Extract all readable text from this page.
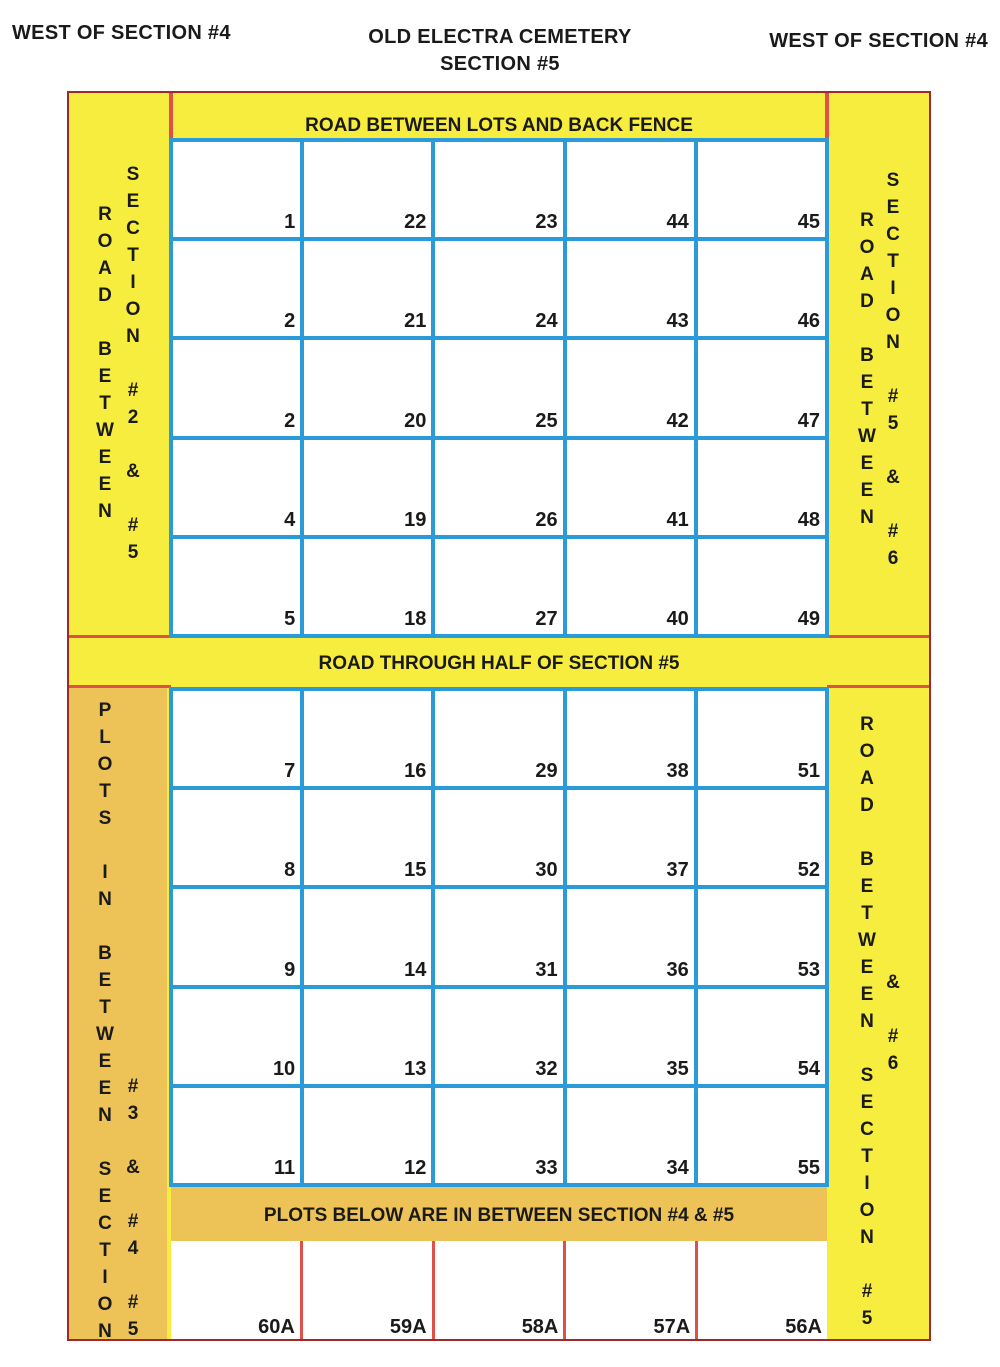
WEST OF SECTION #4	OLD ELECTRA CEMETERY
SECTION #5
WEST OF SECTION #4
ROAD BETWEEN LOTS AND BACK FENCE
ROAD THROUGH HALF OF SECTION #5
PLOTS BELOW ARE IN BETWEEN SECTION #4 & #5
R
O
A
D
B
E
T
W
E
E
N
S
E
C
T
I
O
N
#
2
&
#
5
R
O
A
D
B
E
T
W
E
E
N
S
E
C
T
I
O
N
#
5
&
#
6
P
L
O
T
S
I
N
B
E
T
W
E
E
N
S
E
C
T
I
O
N
#
3
&
#
4
#
5
R
O
A
D
B
E
T
W
E
E
N
S
E
C
T
I
O
N
#
5
&
#
6
1	22	23	44	45
2	21	24	43	46
2	20	25	42	47
4	19	26	41	48
5	18	27	40	49
7	16	29	38	51
8	15	30	37	52
9	14	31	36	53
10	13	32	35	54
11	12	33	34	55
60A	59A	58A	57A	56A
